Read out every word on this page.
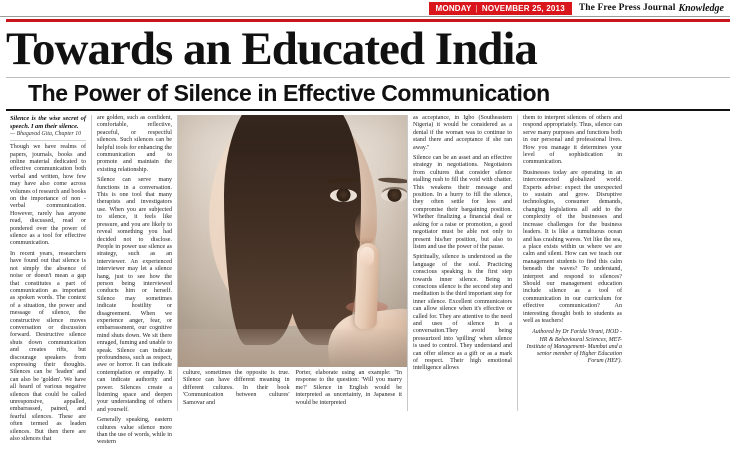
MONDAY | NOVEMBER 25, 2013 The Free Press Journal Knowledge
Towards an Educated India
The Power of Silence in Effective Communication
Silence is the wise secret of speech. I am their silence.
— Bhagavad Gita, Chapter 10

Though we have realms of papers, journals, books and online material dedicated to effective communication both verbal and written, how few may have also come across volumes of research and books on the importance of non - verbal communication. However, rarely has anyone read, discussed, read or pondered over the power of silence as a tool for effective communication.

In recent years, researchers have found out that silence is not simply the absence of noise or doesn't mean a gap that constitutes a part of communication as important as spoken words. The context of a situation, the power and message of silence, the constructive silence moves conversation or discussion forward. Destructive silence shuts down communication and creates rifts, but discourage speakers from expressing their thoughts. Silences can be 'leaden' and can also be 'golden'. We have all heard of various negative silences that could be called unresponsive, appalled, embarrassed, pained, and fearful silences. These are often termed as leaden silences. But then there are also silences that

are golden, such as confident, comfortable, reflective, peaceful, or respectful silences. Such silences can be helpful tools for enhancing the communication and to promote and maintain the existing relationship.

Silence can serve many functions in a conversation. This is one tool that many therapists and investigators use. When you are subjected to silence, it feels like pressure, and you are likely to reveal something you had decided not to disclose. People in power use silence as strategy, such as an interviewer. An experienced interviewer may let a silence hang, just to see how the person being interviewed conducts him or herself. Silence may sometimes indicate hostility or disagreement. When we experience anger, fear, or embarrassment, our cognitive mind shuts down. We sit there enraged, fuming and unable to speak. Silence can indicate profoundness, such as respect, awe or horror. It can indicate contemplation or empathy. It can indicate authority and power. Silences create a listening space and deepen your understanding of others and yourself.

Generally speaking, eastern cultures value silence more than the use of words, while in western

culture, sometimes the opposite is true. Silence can have different meaning in different cultures. In their book 'Communication between cultures' Samovar and

Porter, elaborate using an example: "In response to the question: 'Will you marry me?' Silence in English would be interpreted as uncertainty, in Japanese it would be interpreted

as acceptance, in Igbo (Southeastern Nigeria) it would be considered as a denial if the woman was to continue to stand there and acceptance if she ran away."

Silence can be an asset and an effective strategy in negotiations. Negotiators from cultures that consider silence stalling rush to fill the void with chatter. This weakens their message and position. In a hurry to fill the silence, they often settle for less and compromise their bargaining position. Whether finalizing a financial deal or asking for a raise or promotion, a good negotiator must be able not only to present his/her position, but also to listen and use the power of the pause.

Spiritually, silence is understood as the language of the soul. Practicing conscious speaking is the first step towards inner silence. Being in conscious silence is the second step and meditation is the third important step for inner silence. Excellent communicators can allow silence when it's effective or called for. They are attentive to the need and uses of silence in a conversation.They avoid being pressurized into 'spilling' when silence is used to control. They understand and can offer silence as a gift or as a mark of respect. Their high emotional intelligence allows

them to interpret silences of others and respond appropriately. Thus, silence can serve many purposes and functions both in our personal and professional lives. How you manage it determines your level of sophistication in communication.

Businesses today are operating in an interconnected globalized world. Experts advise: expect the unexpected to sustain and grow. Disruptive technologies, consumer demands, changing legislations all add to the complexity of the businesses and increase challenges for the business leaders. It is like a tumultuous ocean and has crashing waves. Yet like the sea, a place exists within us where we are calm and silent. How can we teach our management students to find this calm beneath the waves? To understand, interpret and respond to silences? Should our management education include silence as a tool of communication in our curriculum for effective communication? An interesting thought both to students as well as teachers!

Authored by Dr Farida Virani, HOD - HR & Behavioural Sciences, MET-Institute of Management- Mumbai and a senior member of Higher Education Forum (HEF).
